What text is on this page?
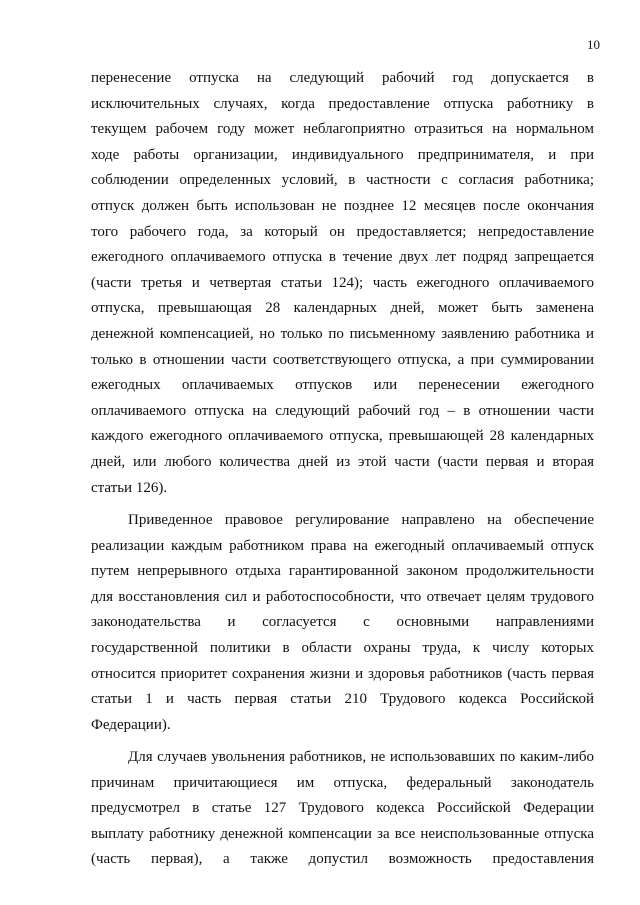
10
перенесение отпуска на следующий рабочий год допускается в
исключительных случаях, когда предоставление отпуска работнику в
текущем рабочем году может неблагоприятно отразиться на нормальном
ходе работы организации, индивидуального предпринимателя, и при
соблюдении определенных условий, в частности с согласия работника;
отпуск должен быть использован не позднее 12 месяцев после окончания
того рабочего года, за который он предоставляется; непредоставление
ежегодного оплачиваемого отпуска в течение двух лет подряд запрещается
(части третья и четвертая статьи 124); часть ежегодного оплачиваемого
отпуска, превышающая 28 календарных дней, может быть заменена
денежной компенсацией, но только по письменному заявлению работника и
только в отношении части соответствующего отпуска, а при суммировании
ежегодных оплачиваемых отпусков или перенесении ежегодного
оплачиваемого отпуска на следующий рабочий год – в отношении части
каждого ежегодного оплачиваемого отпуска, превышающей 28 календарных
дней, или любого количества дней из этой части (части первая и вторая
статьи 126).
Приведенное правовое регулирование направлено на обеспечение
реализации каждым работником права на ежегодный оплачиваемый отпуск
путем непрерывного отдыха гарантированной законом продолжительности
для восстановления сил и работоспособности, что отвечает целям трудового
законодательства и согласуется с основными направлениями
государственной политики в области охраны труда, к числу которых
относится приоритет сохранения жизни и здоровья работников (часть первая
статьи 1 и часть первая статьи 210 Трудового кодекса Российской
Федерации).
Для случаев увольнения работников, не использовавших по каким-либо
причинам причитающиеся им отпуска, федеральный законодатель
предусмотрел в статье 127 Трудового кодекса Российской Федерации
выплату работнику денежной компенсации за все неиспользованные отпуска
(часть первая), а также допустил возможность предоставления
